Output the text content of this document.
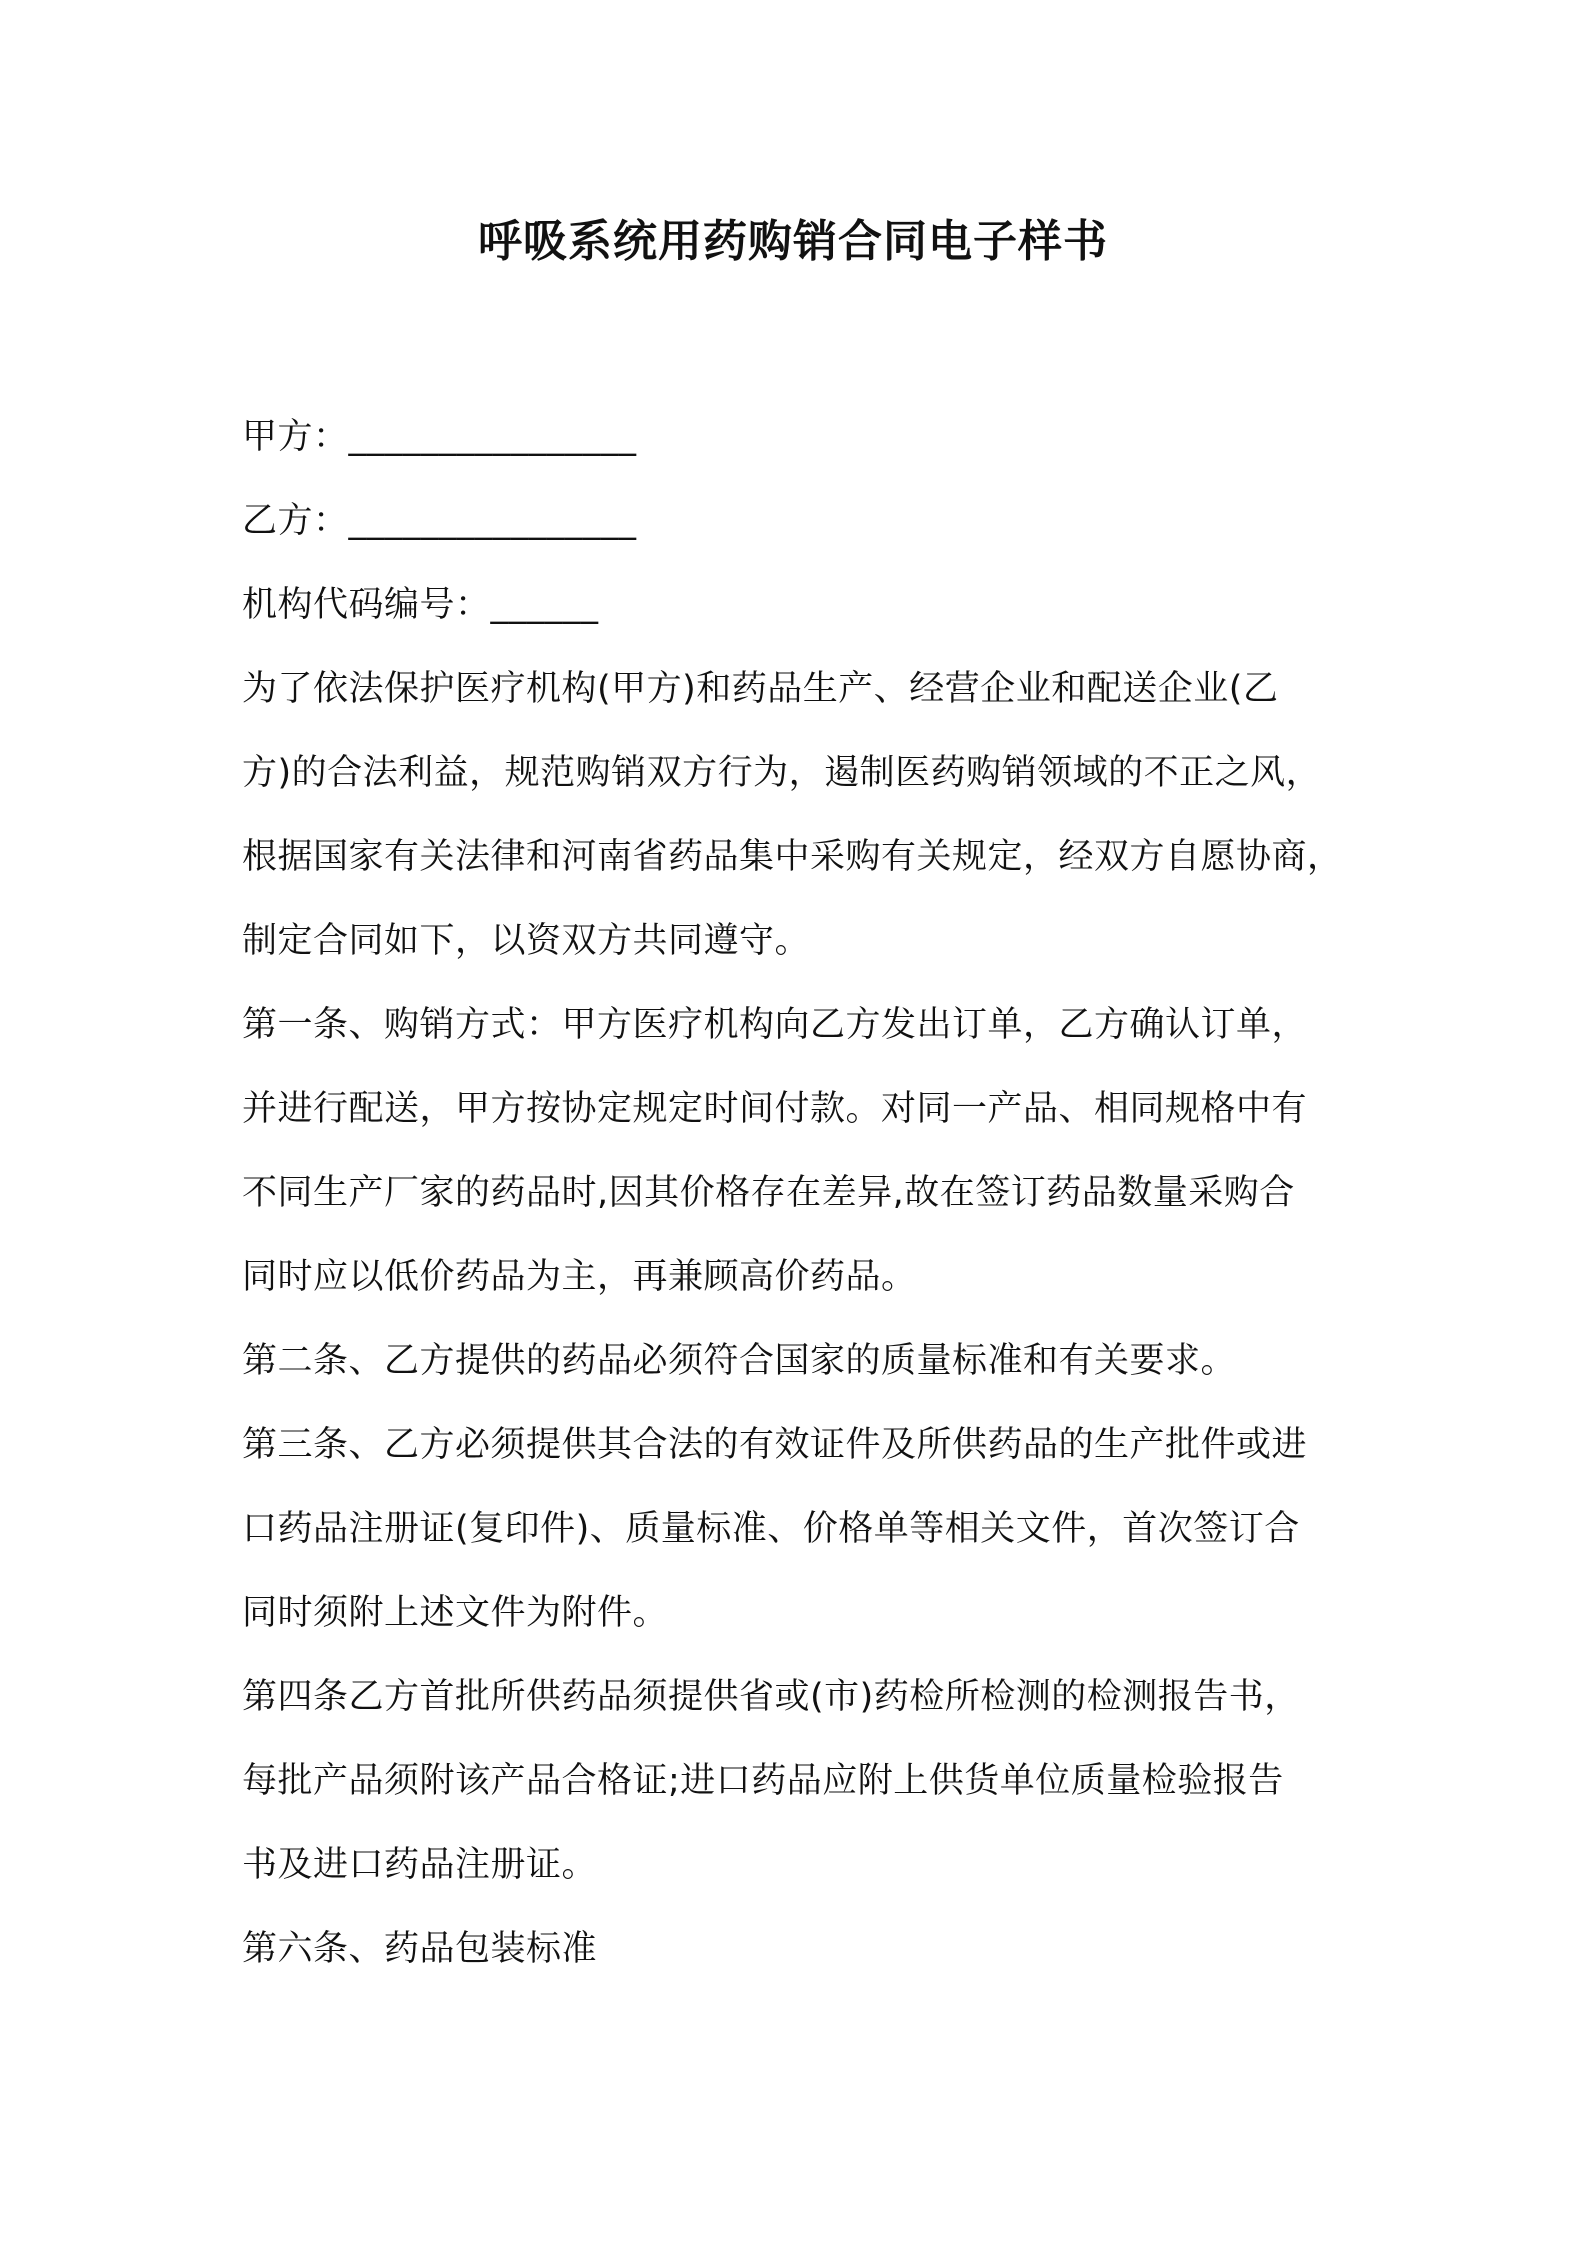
呼吸系统用药购销合同电子样书
甲方：________________
乙方：________________
机构代码编号：______
为了依法保护医疗机构(甲方)和药品生产、经营企业和配送企业(乙
方)的合法利益，规范购销双方行为，遏制医药购销领域的不正之风，
根据国家有关法律和河南省药品集中采购有关规定，经双方自愿协商，
制定合同如下，以资双方共同遵守。
第一条、购销方式：甲方医疗机构向乙方发出订单，乙方确认订单，
并进行配送，甲方按协定规定时间付款。对同一产品、相同规格中有
不同生产厂家的药品时,因其价格存在差异,故在签订药品数量采购合
同时应以低价药品为主，再兼顾高价药品。
第二条、乙方提供的药品必须符合国家的质量标准和有关要求。
第三条、乙方必须提供其合法的有效证件及所供药品的生产批件或进
口药品注册证(复印件)、质量标准、价格单等相关文件，首次签订合
同时须附上述文件为附件。
第四条乙方首批所供药品须提供省或(市)药检所检测的检测报告书，
每批产品须附该产品合格证;进口药品应附上供货单位质量检验报告
书及进口药品注册证。
第六条、药品包装标准
